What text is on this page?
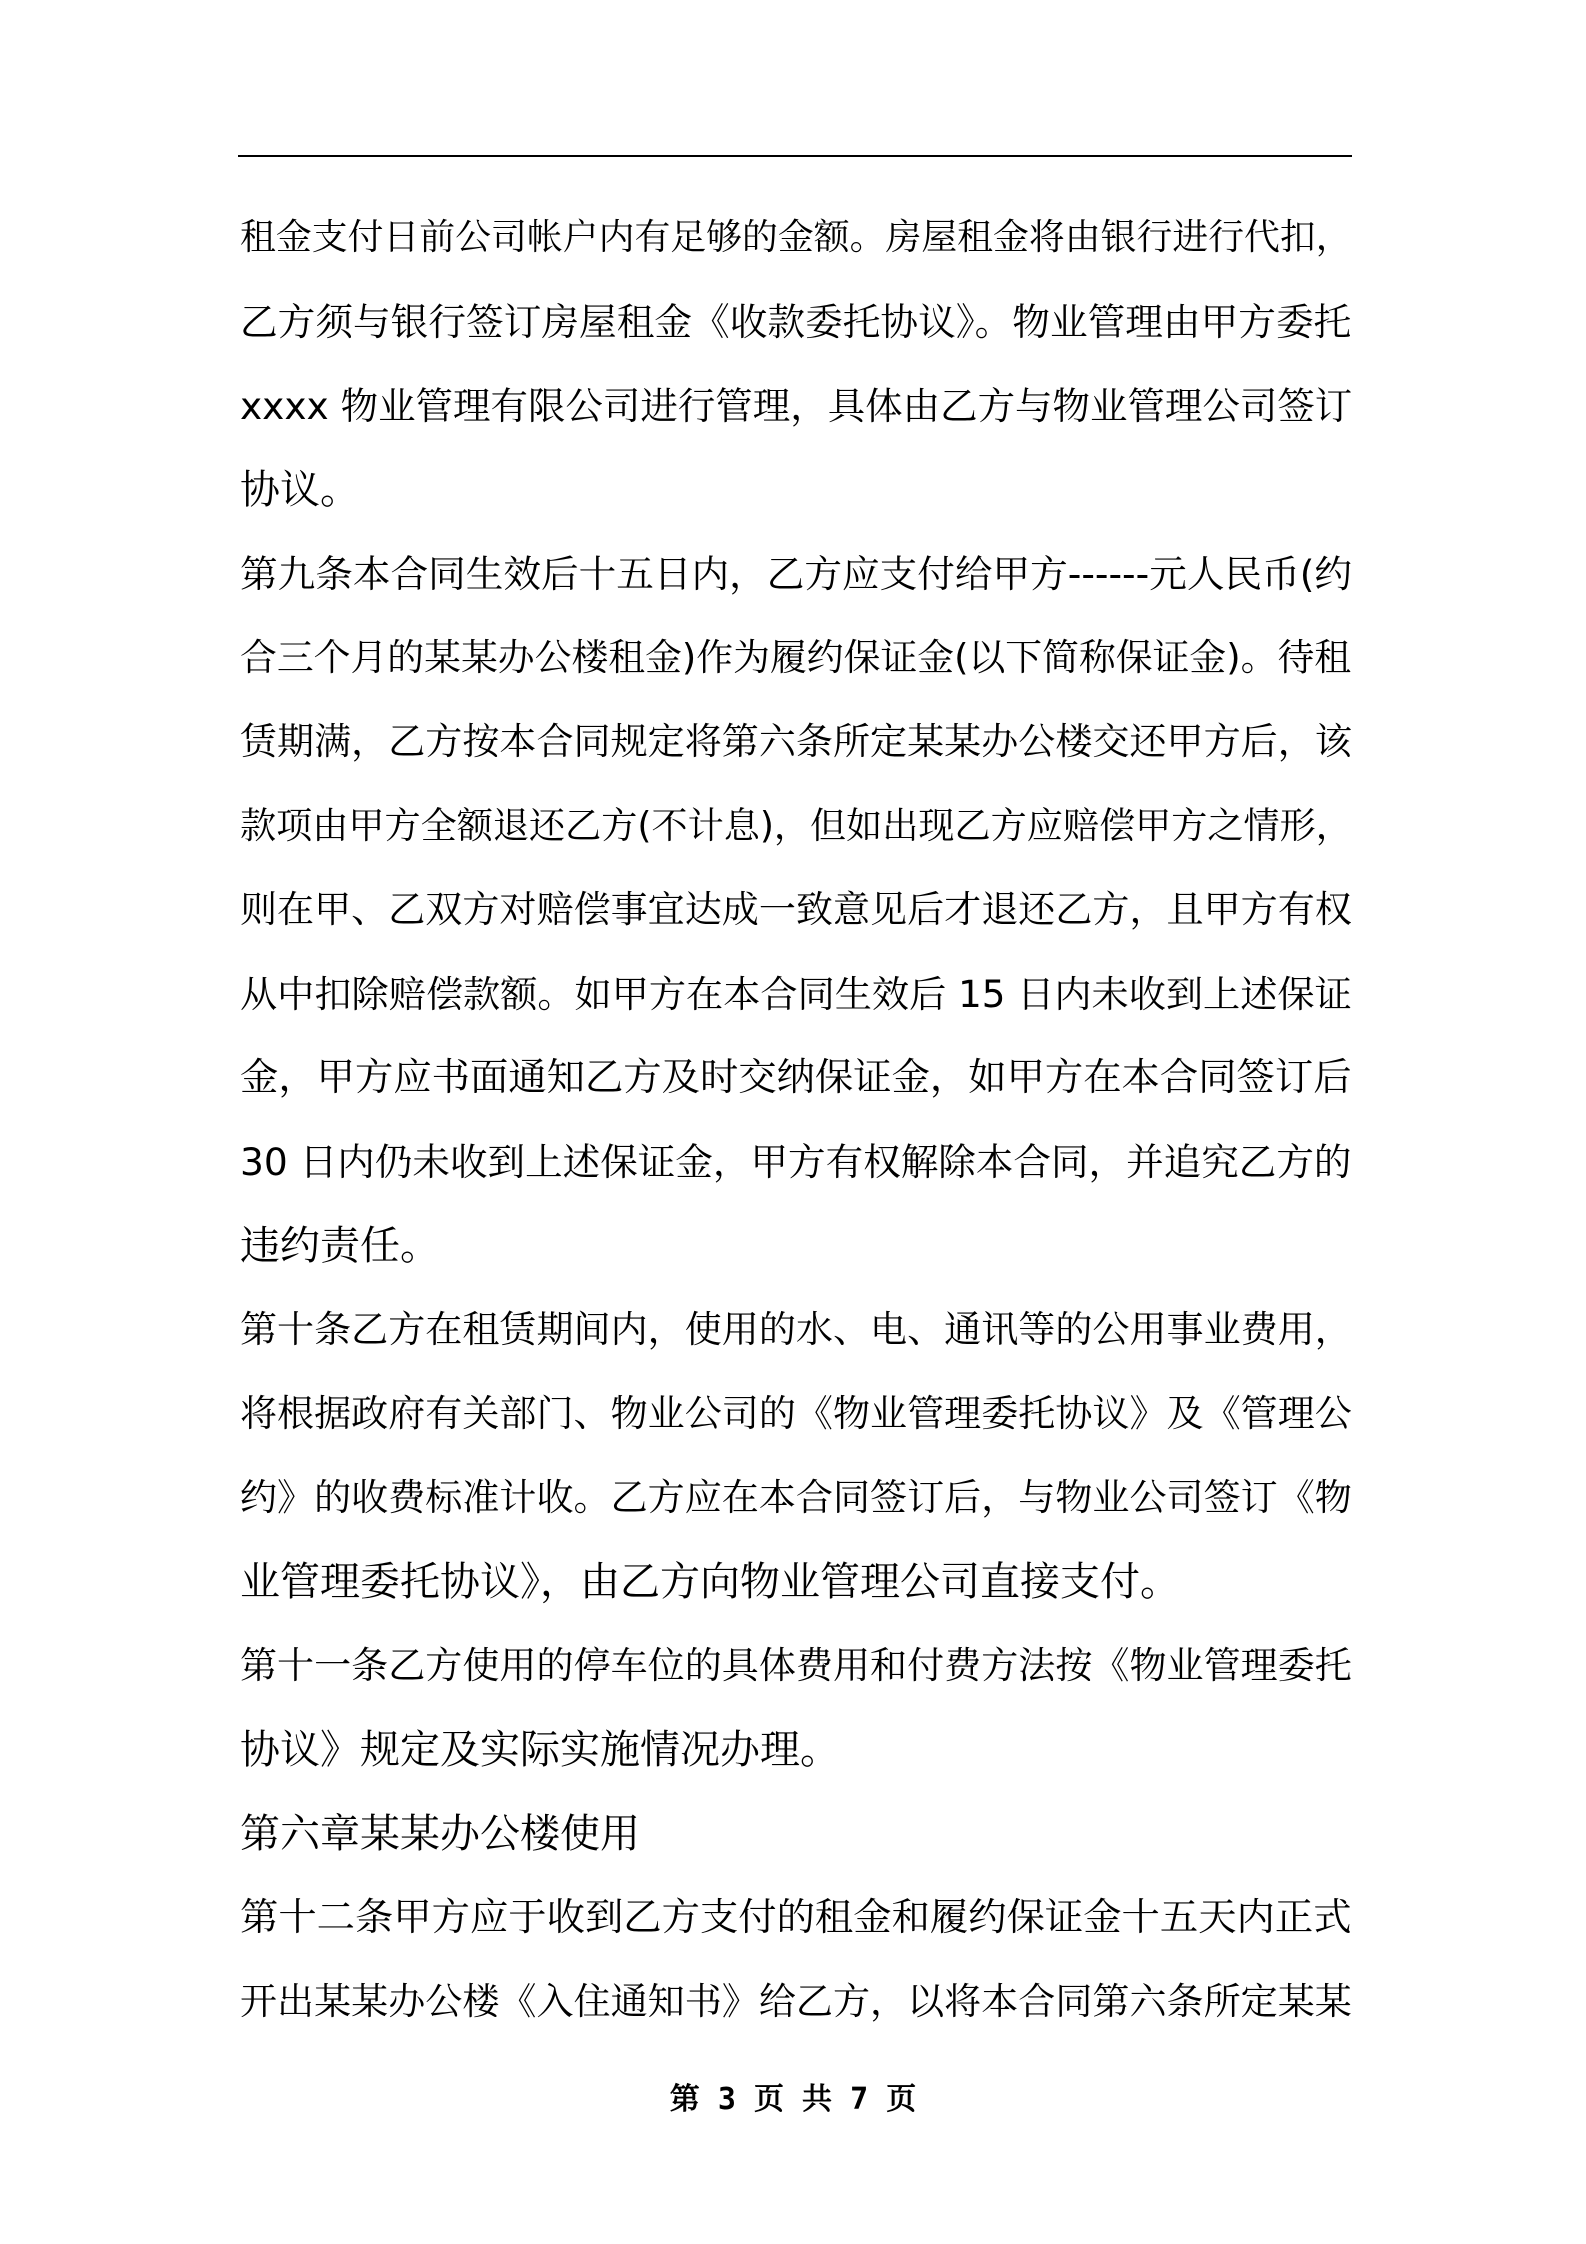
租金支付日前公司帐户内有足够的金额。房屋租金将由银行进行代扣，
乙方须与银行签订房屋租金《收款委托协议》。物业管理由甲方委托
xxxx 物业管理有限公司进行管理，具体由乙方与物业管理公司签订
协议。
第九条本合同生效后十五日内，乙方应支付给甲方------元人民币(约
合三个月的某某办公楼租金)作为履约保证金(以下简称保证金)。待租
赁期满，乙方按本合同规定将第六条所定某某办公楼交还甲方后，该
款项由甲方全额退还乙方(不计息)，但如出现乙方应赔偿甲方之情形，
则在甲、乙双方对赔偿事宜达成一致意见后才退还乙方，且甲方有权
从中扣除赔偿款额。如甲方在本合同生效后 15 日内未收到上述保证
金，甲方应书面通知乙方及时交纳保证金，如甲方在本合同签订后
30 日内仍未收到上述保证金，甲方有权解除本合同，并追究乙方的
违约责任。
第十条乙方在租赁期间内，使用的水、电、通讯等的公用事业费用，
将根据政府有关部门、物业公司的《物业管理委托协议》及《管理公
约》的收费标准计收。乙方应在本合同签订后，与物业公司签订《物
业管理委托协议》，由乙方向物业管理公司直接支付。
第十一条乙方使用的停车位的具体费用和付费方法按《物业管理委托
协议》规定及实际实施情况办理。
第六章某某办公楼使用
第十二条甲方应于收到乙方支付的租金和履约保证金十五天内正式
开出某某办公楼《入住通知书》给乙方，以将本合同第六条所定某某
第 3 页 共 7 页
